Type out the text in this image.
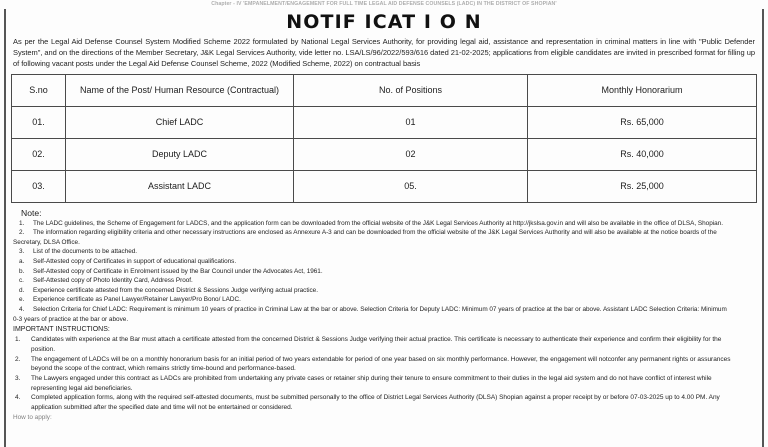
Chapter - IV 'EMPANELMENT/ENGAGEMENT FOR FULL TIME LEGAL AID DEFENSE COUNSELS (LADC) IN THE DISTRICT OF SHOPIAN'
NOTIF ICAT I O N
As per the Legal Aid Defense Counsel System Modified Scheme 2022 formulated by National Legal Services Authority, for providing legal aid, assistance and representation in criminal matters in line with "Public Defender System", and on the directions of the Member Secretary, J&K Legal Services Authority, vide letter no. LSA/LS/96/2022/593/616 dated 21-02-2025; applications from eligible candidates are invited in prescribed format for filling up of following vacant posts under the Legal Aid Defense Counsel Scheme, 2022 (Modified Scheme, 2022) on contractual basis
S.no	Name of the Post/ Human Resource (Contractual)	No. of Positions	Monthly Honorarium
01.	Chief LADC	01	Rs. 65,000
02.	Deputy LADC	02	Rs. 40,000
03.	Assistant LADC	05.	Rs. 25,000
Note:
1.	The LADC guidelines, the Scheme of Engagement for LADCS, and the application form can be downloaded from the official website of the J&K Legal Services Authority at http://jkslsa.gov.in and will also be available in the office of DLSA, Shopian.
2.	The information regarding eligibility criteria and other necessary instructions are enclosed as Annexure A-3 and can be downloaded from the official website of the J&K Legal Services Authority and will also be available at the notice boards of the
Secretary, DLSA Office.
3.	List of the documents to be attached.
a.	Self-Attested copy of Certificates in support of educational qualifications.
b.	Self-Attested copy of Certificate in Enrolment issued by the Bar Council under the Advocates Act, 1961.
c.	Self-Attested copy of Photo Identity Card, Address Proof.
d.	Experience certificate attested from the concerned District & Sessions Judge verifying actual practice.
e.	Experience certificate as Panel Lawyer/Retainer Lawyer/Pro Bono/ LADC.
4.	Selection Criteria for Chief LADC: Requirement is minimum 10 years of practice in Criminal Law at the bar or above. Selection Criteria for Deputy LADC: Minimum 07 years of practice at the bar or above. Assistant LADC Selection Criteria: Minimum
0-3 years of practice at the bar or above.
IMPORTANT INSTRUCTIONS:
1.	Candidates with experience at the Bar must attach a certificate attested from the concerned District & Sessions Judge verifying their actual practice. This certificate is necessary to authenticate their experience and confirm their eligibility for the
position.
2.	The engagement of LADCs will be on a monthly honorarium basis for an initial period of two years extendable for period of one year based on six monthly performance. However, the engagement will notconfer any permanent rights or assurances
beyond the scope of the contract, which remains strictly time-bound and performance-based.
3.	The Lawyers engaged under this contract as LADCs are prohibited from undertaking any private cases or retainer ship during their tenure to ensure commitment to their duties in the legal aid system and do not have conflict of interest while
representing legal aid beneficiaries.
4.	Completed application forms, along with the required self-attested documents, must be submitted personally to the office of District Legal Services Authority (DLSA) Shopian against a proper receipt by or before 07-03-2025 up to 4.00 PM. Any
application submitted after the specified date and time will not be entertained or considered.
How to apply:
